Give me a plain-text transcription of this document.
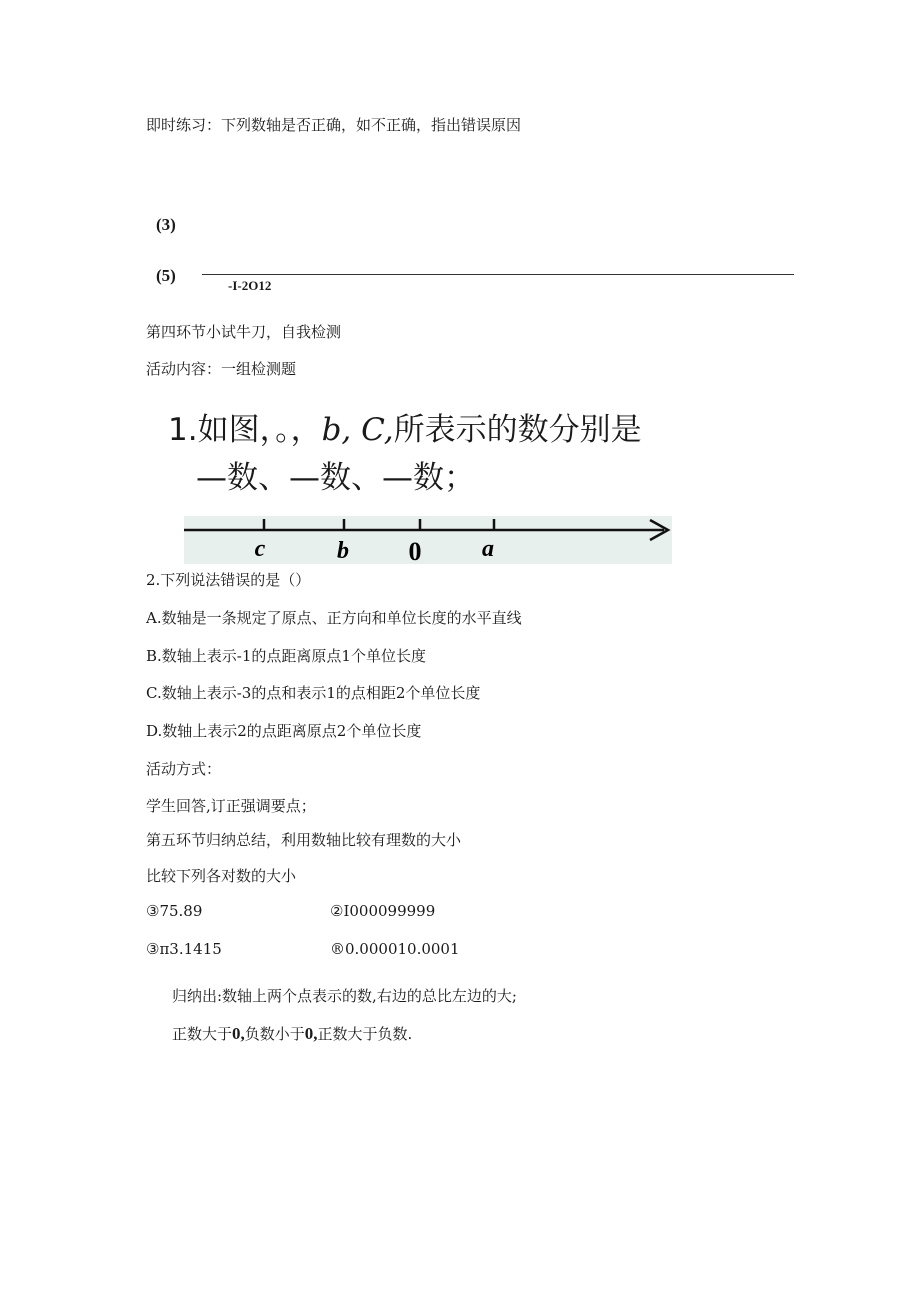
即时练习：下列数轴是否正确，如不正确，指出错误原因
(3)
(5)
-I-2O12
第四环节小试牛刀，自我检测
活动内容：一组检测题
1.如图，。，b, C,所表示的数分别是
—数、—数、—数；
c	b 0	a
2.下列说法错误的是（）
A.数轴是一条规定了原点、正方向和单位长度的水平直线
B.数轴上表示-1的点距离原点1个单位长度
C.数轴上表示-3的点和表示1的点相距2个单位长度
D.数轴上表示2的点距离原点2个单位长度
活动方式：
学生回答,订正强调要点；
第五环节归纳总结，利用数轴比较有理数的大小
比较下列各对数的大小
③75.89	②I000099999
③π3.1415	®0.000010.0001
归纳出:数轴上两个点表示的数,右边的总比左边的大;
正数大于0,负数小于0,正数大于负数.
